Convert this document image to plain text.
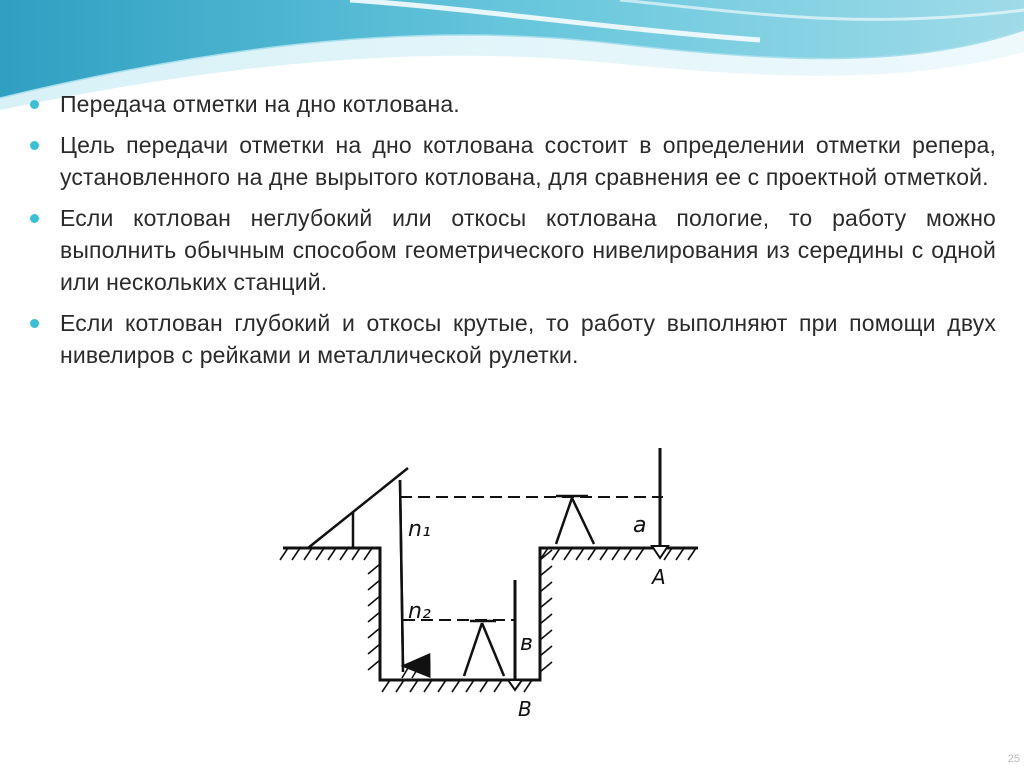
Передача отметки на дно котлована.
Цель передачи отметки на дно котлована состоит в определении отметки репера, установленного на дне вырытого котлована, для сравнения ее с проектной отметкой.
Если котлован неглубокий или откосы котлована пологие, то работу можно выполнить обычным способом геометрического нивелирования из середины с одной или нескольких станций.
Если котлован глубокий и откосы крутые, то работу выполняют при помощи двух нивелиров с рейками и металлической рулетки.
n₁
n₂
a
в
A
B
25
